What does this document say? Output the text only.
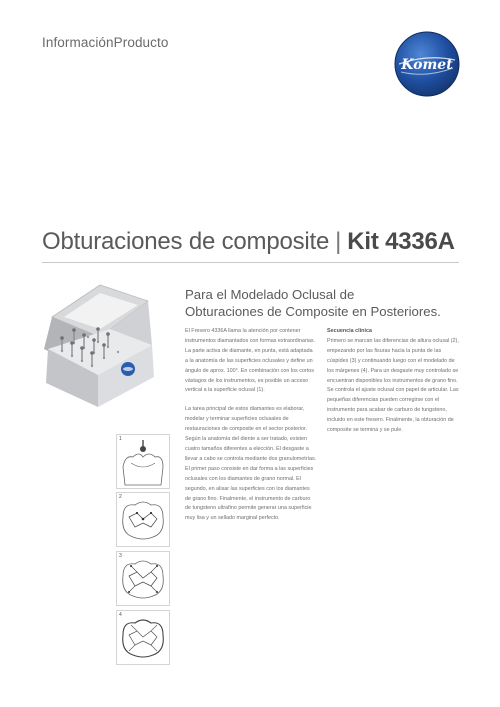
InformaciónProducto
Komet
Obturaciones de composite | Kit 4336A
Para el Modelado Oclusal de
Obturaciones de Composite en Posteriores.

El Fresero 4336A llama la atención por contener instrumentos diamantados con formas extraordinarias. La parte activa de diamante, en punta, está adaptada a la anatomía de las superficies oclusales y define un ángulo de aprox. 100°. En combinación con los cortos vástagos de los instrumentos, es posible un acceso vertical a la superficie oclusal (1).

La tarea principal de estos diamantes es elaborar, modelar y terminar superficies oclusales de restauraciones de composite en el sector posterior. Según la anatomía del diente a ser tratado, existen cuatro tamaños diferentes a elección. El desgaste a llevar a cabo se controla mediante dos granulometrías. El primer paso consiste en dar forma a las superficies oclusales con los diamantes de grano normal. El segundo, en alisar las superficies con los diamantes de grano fino. Finalmente, el instrumento de carburo de tungsteno ultrafino permite generar una superficie muy lisa y un sellado marginal perfecto.

Secuencia clínica

Primero se marcan las diferencias de altura oclusal (2), empezando por las fisuras hacia la punta de las cúspides (3) y continuando luego con el modelado de los márgenes (4). Para un desgaste muy controlado se encuentran disponibles los instrumentos de grano fino. Se controla el ajuste oclusal con papel de articular. Las pequeñas diferencias pueden corregirse con el instrumento para acabar de carburo de tungsteno, incluido en este fresero. Finalmente, la obturación de composite se termina y se pule.

1
2
3
4
